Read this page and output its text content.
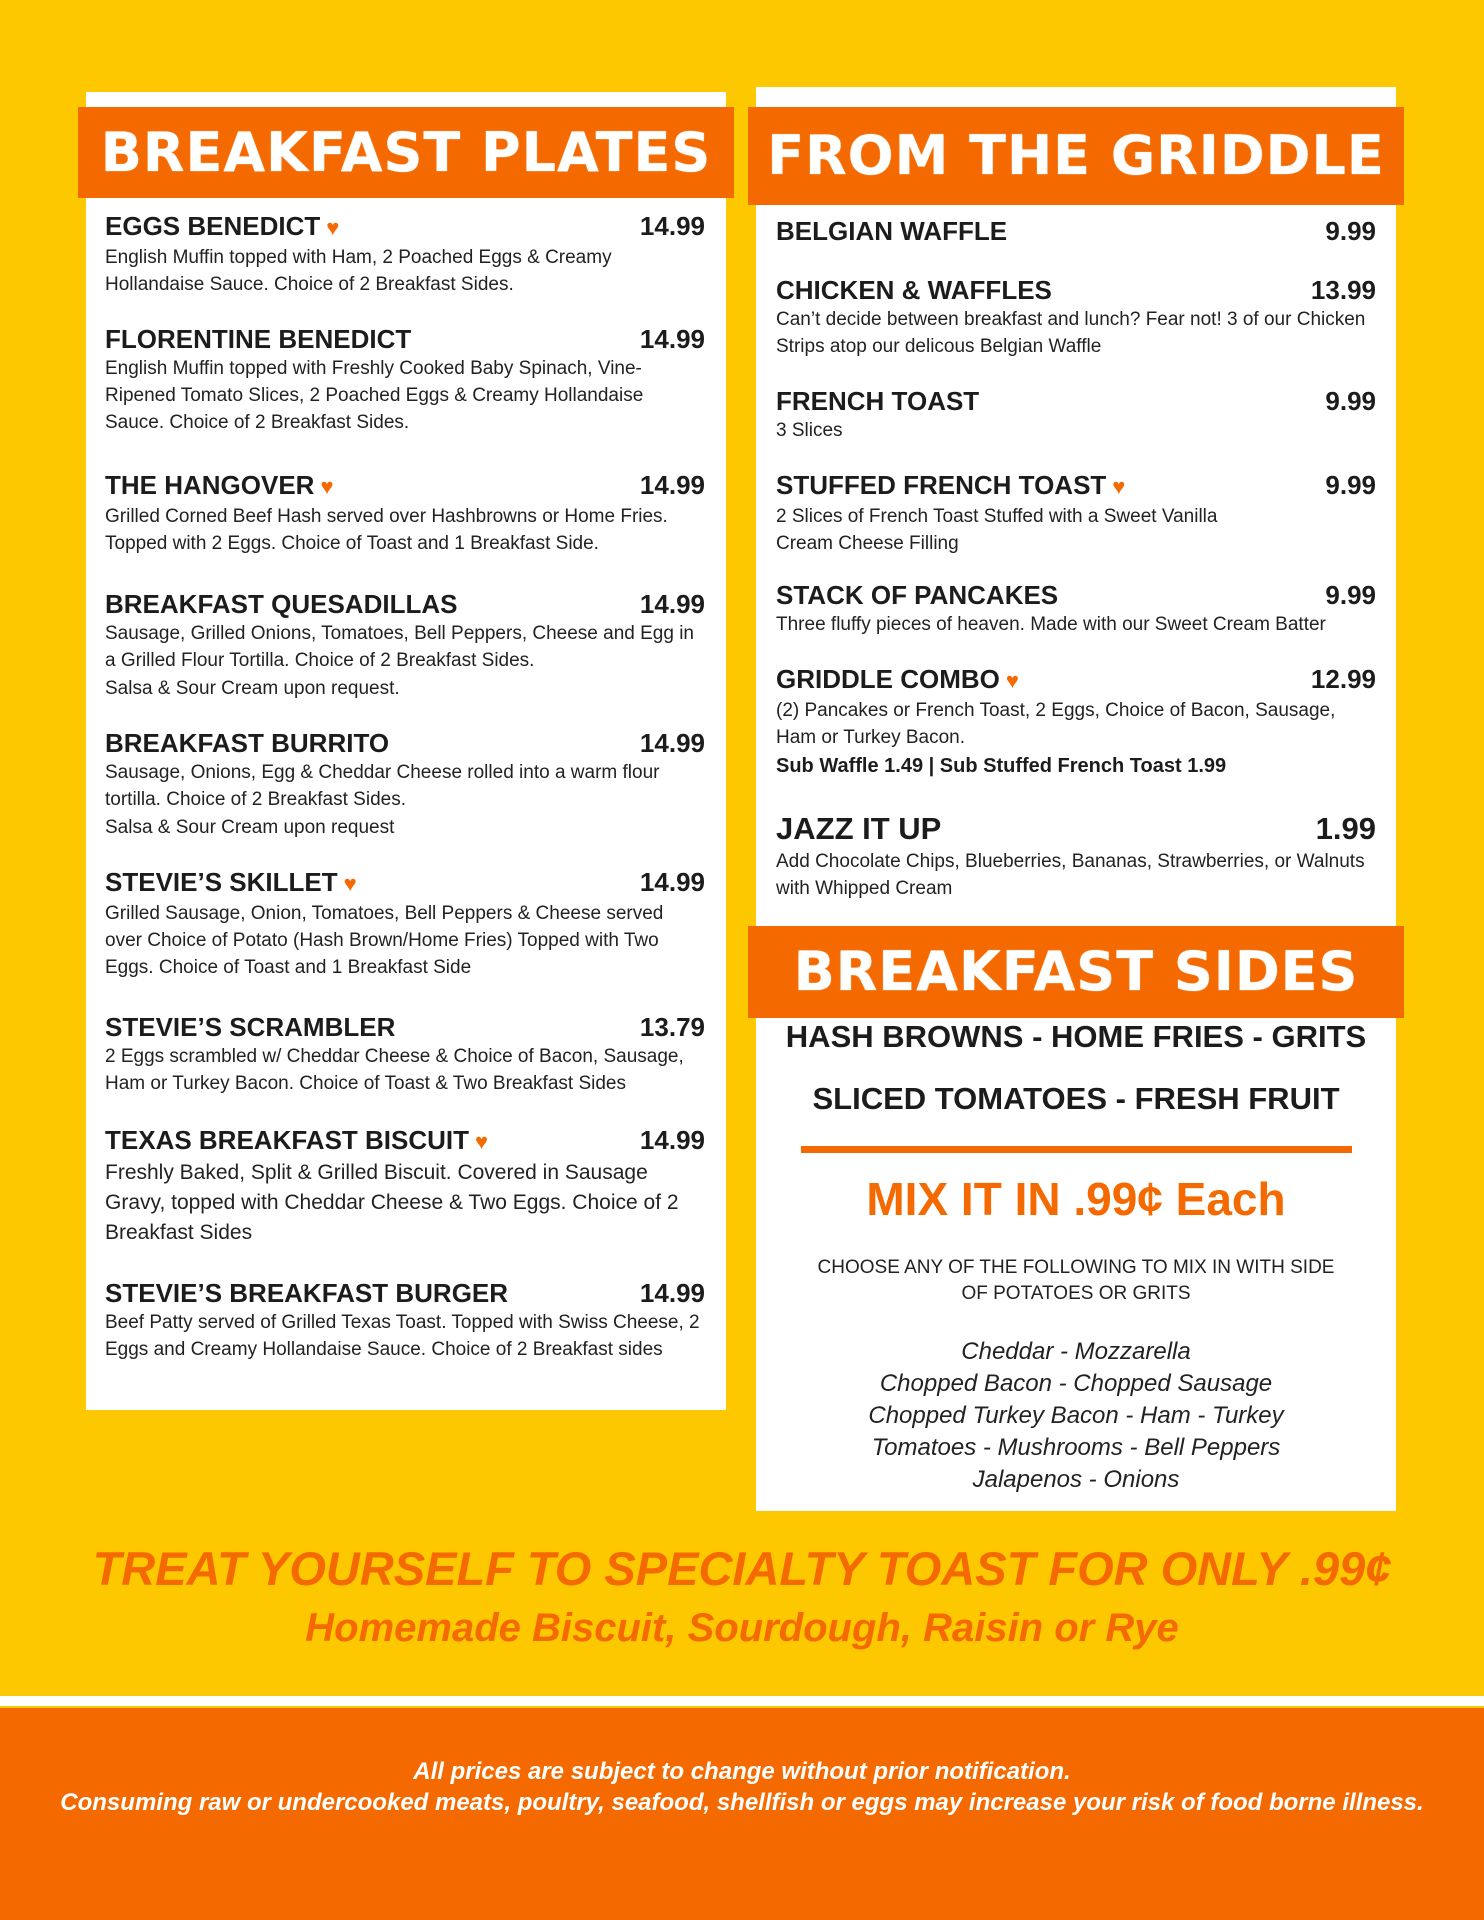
BREAKFAST PLATES	FROM THE GRIDDLE
BREAKFAST SIDES
EGGS BENEDICT ♥	14.99
English Muffin topped with Ham, 2 Poached Eggs & Creamy Hollandaise Sauce. Choice of 2 Breakfast Sides.
FLORENTINE BENEDICT	14.99
English Muffin topped with Freshly Cooked Baby Spinach, Vine-Ripened Tomato Slices, 2 Poached Eggs & Creamy Hollandaise Sauce. Choice of 2 Breakfast Sides.
THE HANGOVER ♥	14.99
Grilled Corned Beef Hash served over Hashbrowns or Home Fries. Topped with 2 Eggs. Choice of Toast and 1 Breakfast Side.
BREAKFAST QUESADILLAS	14.99
Sausage, Grilled Onions, Tomatoes, Bell Peppers, Cheese and Egg in a Grilled Flour Tortilla. Choice of 2 Breakfast Sides.
Salsa & Sour Cream upon request.
BREAKFAST BURRITO	14.99
Sausage, Onions, Egg & Cheddar Cheese rolled into a warm flour tortilla. Choice of 2 Breakfast Sides.
Salsa & Sour Cream upon request
STEVIE’S SKILLET ♥	14.99
Grilled Sausage, Onion, Tomatoes, Bell Peppers & Cheese served over Choice of Potato (Hash Brown/Home Fries) Topped with Two Eggs. Choice of Toast and 1 Breakfast Side
STEVIE’S SCRAMBLER	13.79
2 Eggs scrambled w/ Cheddar Cheese & Choice of Bacon, Sausage, Ham or Turkey Bacon. Choice of Toast & Two Breakfast Sides
TEXAS BREAKFAST BISCUIT ♥	14.99
Freshly Baked, Split & Grilled Biscuit. Covered in Sausage Gravy, topped with Cheddar Cheese & Two Eggs. Choice of 2 Breakfast Sides
STEVIE’S BREAKFAST BURGER	14.99
Beef Patty served of Grilled Texas Toast. Topped with Swiss Cheese, 2 Eggs and Creamy Hollandaise Sauce. Choice of 2 Breakfast sides
BELGIAN WAFFLE	9.99
CHICKEN & WAFFLES	13.99
Can’t decide between breakfast and lunch? Fear not! 3 of our Chicken Strips atop our delicous Belgian Waffle
FRENCH TOAST	9.99
3 Slices
STUFFED FRENCH TOAST ♥	9.99
2 Slices of French Toast Stuffed with a Sweet Vanilla Cream Cheese Filling
STACK OF PANCAKES	9.99
Three fluffy pieces of heaven. Made with our Sweet Cream Batter
GRIDDLE COMBO ♥	12.99
(2) Pancakes or French Toast, 2 Eggs, Choice of Bacon, Sausage, Ham or Turkey Bacon.
Sub Waffle 1.49 | Sub Stuffed French Toast 1.99
JAZZ IT UP	1.99
Add Chocolate Chips, Blueberries, Bananas, Strawberries, or Walnuts with Whipped Cream
HASH BROWNS - HOME FRIES - GRITS
SLICED TOMATOES - FRESH FRUIT
MIX IT IN .99¢ Each
CHOOSE ANY OF THE FOLLOWING TO MIX IN WITH SIDE OF POTATOES OR GRITS
Cheddar - Mozzarella
Chopped Bacon - Chopped Sausage
Chopped Turkey Bacon - Ham - Turkey
Tomatoes - Mushrooms - Bell Peppers
Jalapenos - Onions
TREAT YOURSELF TO SPECIALTY TOAST FOR ONLY .99¢
Homemade Biscuit, Sourdough, Raisin or Rye
All prices are subject to change without prior notification.
Consuming raw or undercooked meats, poultry, seafood, shellfish or eggs may increase your risk of food borne illness.
